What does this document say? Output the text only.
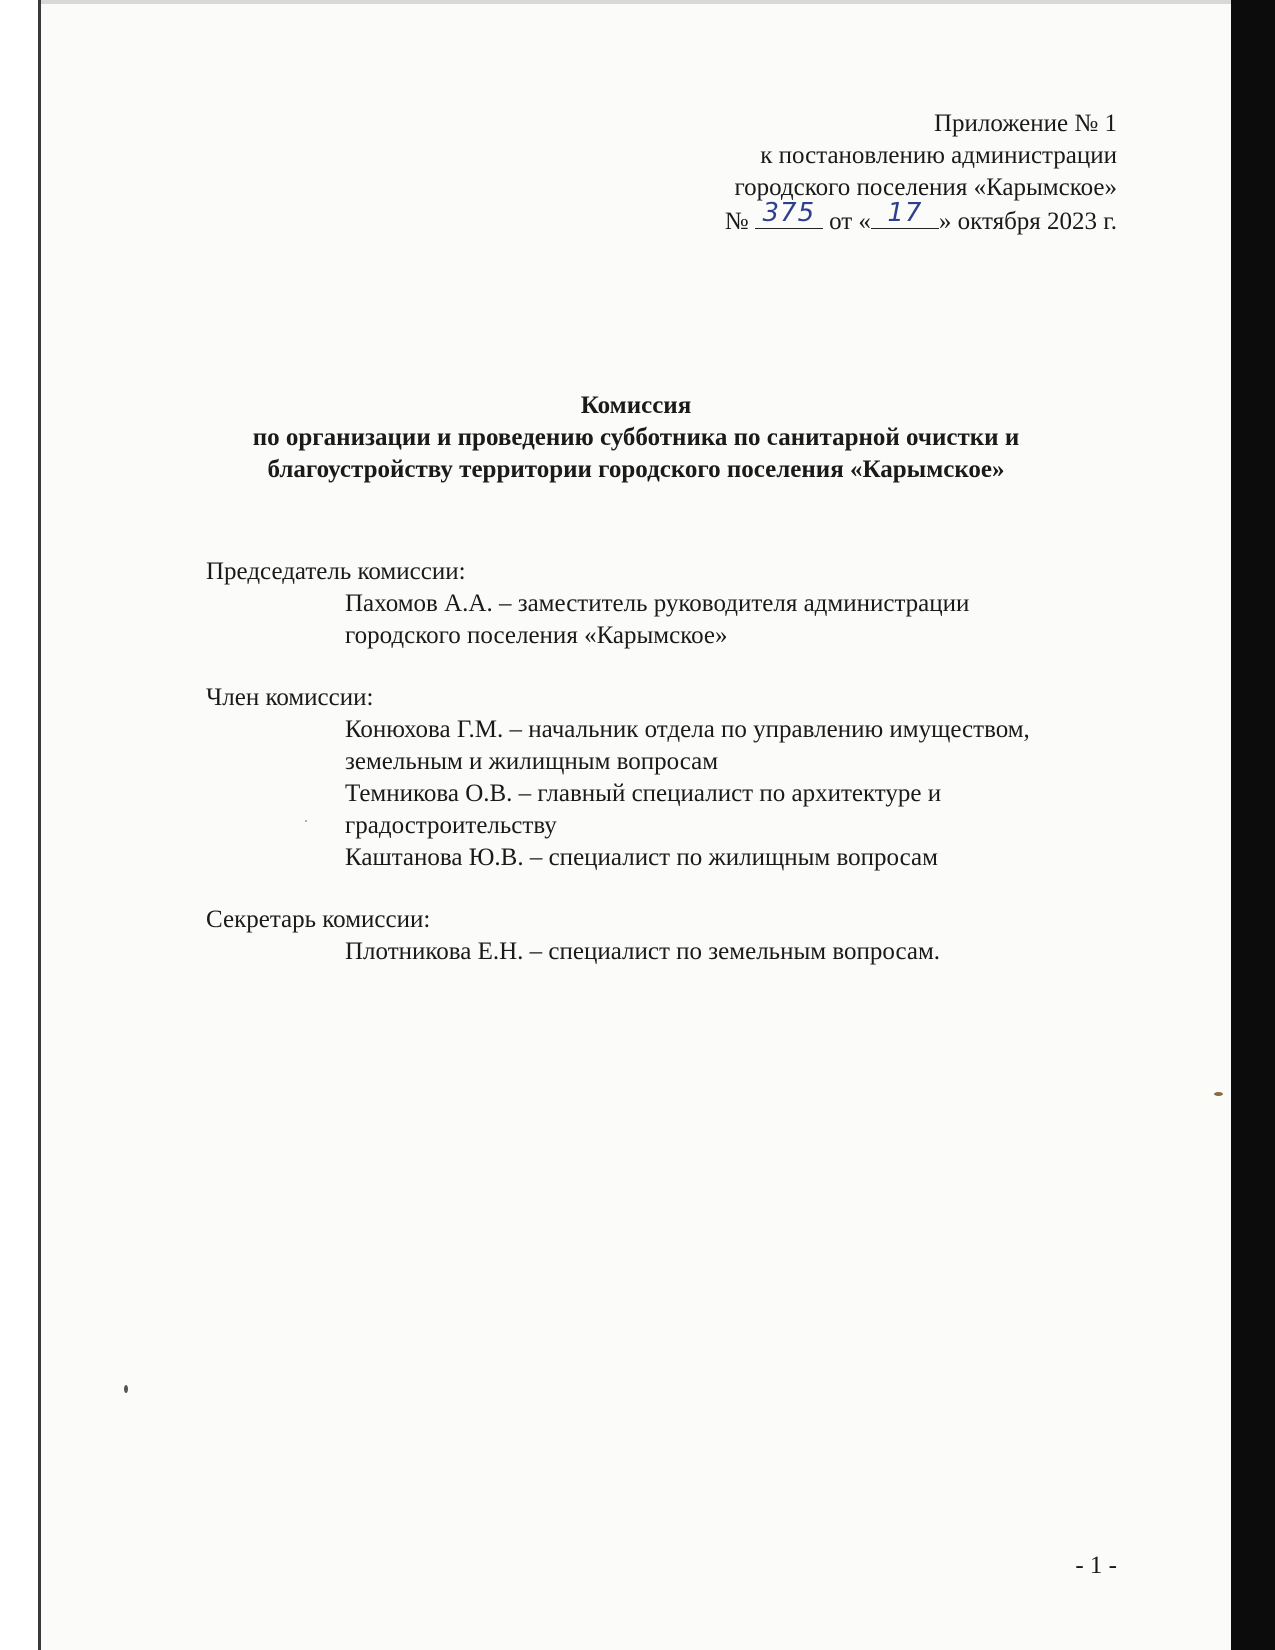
Приложение № 1
к постановлению администрации
городского поселения «Карымское»
№ 375 от « 17 » октября 2023 г.
Комиссия
по организации и проведению субботника по санитарной очистки и
благоустройству территории городского поселения «Карымское»
Председатель комиссии:
Пахомов А.А. – заместитель руководителя администрации
городского поселения «Карымское»
Член комиссии:
Конюхова Г.М. – начальник отдела по управлению имуществом,
земельным и жилищным вопросам
Темникова О.В. – главный специалист по архитектуре и
градостроительству
Каштанова Ю.В. – специалист по жилищным вопросам
Секретарь комиссии:
Плотникова Е.Н. – специалист по земельным вопросам.
- 1 -
